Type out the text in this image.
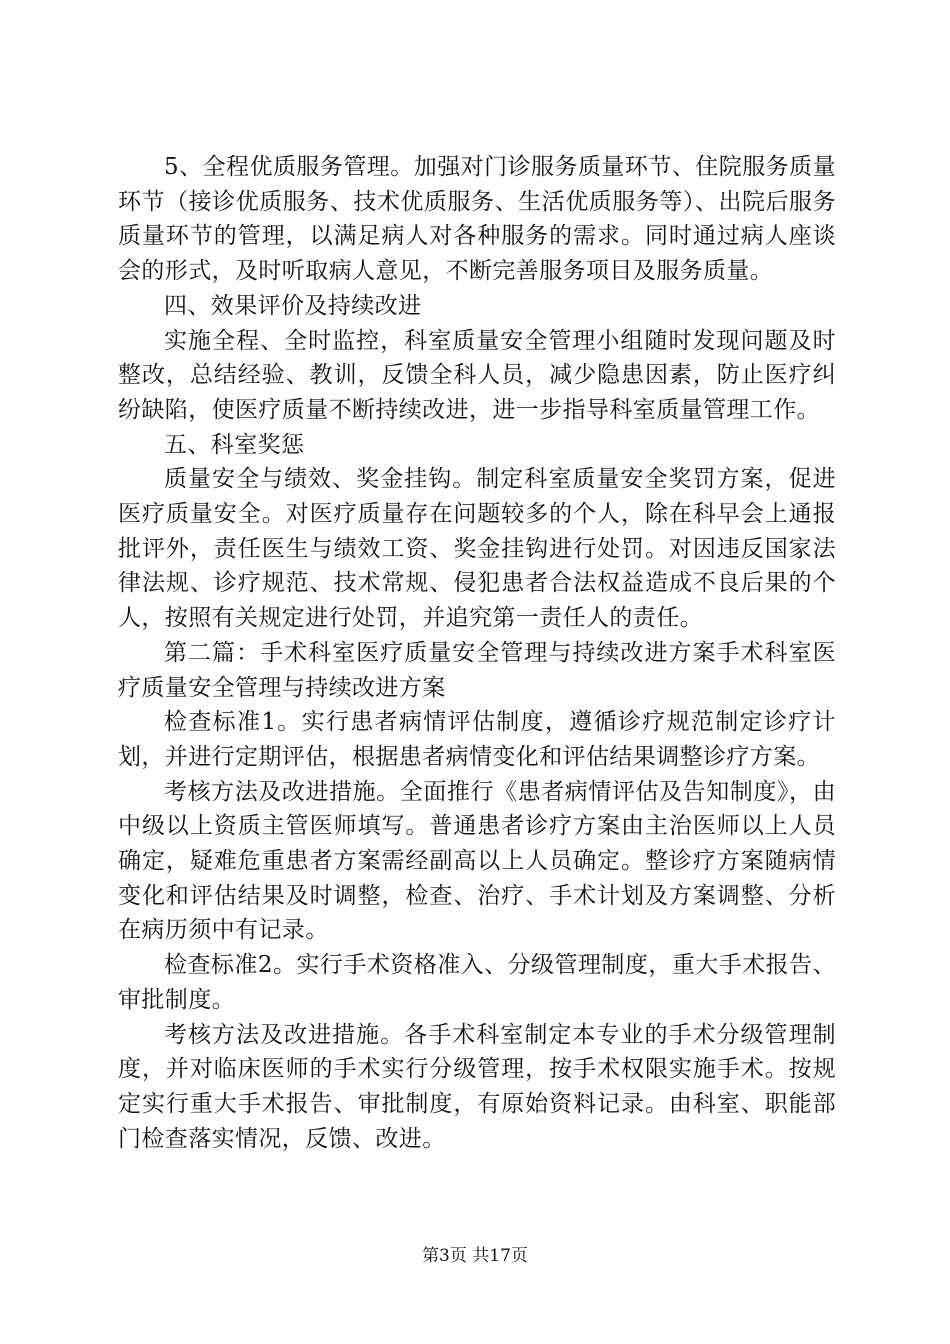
5、全程优质服务管理。加强对门诊服务质量环节、住院服务质量环节（接诊优质服务、技术优质服务、生活优质服务等）、出院后服务质量环节的管理，以满足病人对各种服务的需求。同时通过病人座谈会的形式，及时听取病人意见，不断完善服务项目及服务质量。

四、效果评价及持续改进

实施全程、全时监控，科室质量安全管理小组随时发现问题及时整改，总结经验、教训，反馈全科人员，减少隐患因素，防止医疗纠纷缺陷，使医疗质量不断持续改进，进一步指导科室质量管理工作。

五、科室奖惩

质量安全与绩效、奖金挂钩。制定科室质量安全奖罚方案，促进医疗质量安全。对医疗质量存在问题较多的个人，除在科早会上通报批评外，责任医生与绩效工资、奖金挂钩进行处罚。对因违反国家法律法规、诊疗规范、技术常规、侵犯患者合法权益造成不良后果的个人，按照有关规定进行处罚，并追究第一责任人的责任。

第二篇：手术科室医疗质量安全管理与持续改进方案手术科室医疗质量安全管理与持续改进方案

检查标准1。实行患者病情评估制度，遵循诊疗规范制定诊疗计划，并进行定期评估，根据患者病情变化和评估结果调整诊疗方案。

考核方法及改进措施。全面推行《患者病情评估及告知制度》，由中级以上资质主管医师填写。普通患者诊疗方案由主治医师以上人员确定，疑难危重患者方案需经副高以上人员确定。整诊疗方案随病情变化和评估结果及时调整，检查、治疗、手术计划及方案调整、分析在病历须中有记录。

检查标准2。实行手术资格准入、分级管理制度，重大手术报告、审批制度。

考核方法及改进措施。各手术科室制定本专业的手术分级管理制度，并对临床医师的手术实行分级管理，按手术权限实施手术。按规定实行重大手术报告、审批制度，有原始资料记录。由科室、职能部门检查落实情况，反馈、改进。

第3页 共17页
